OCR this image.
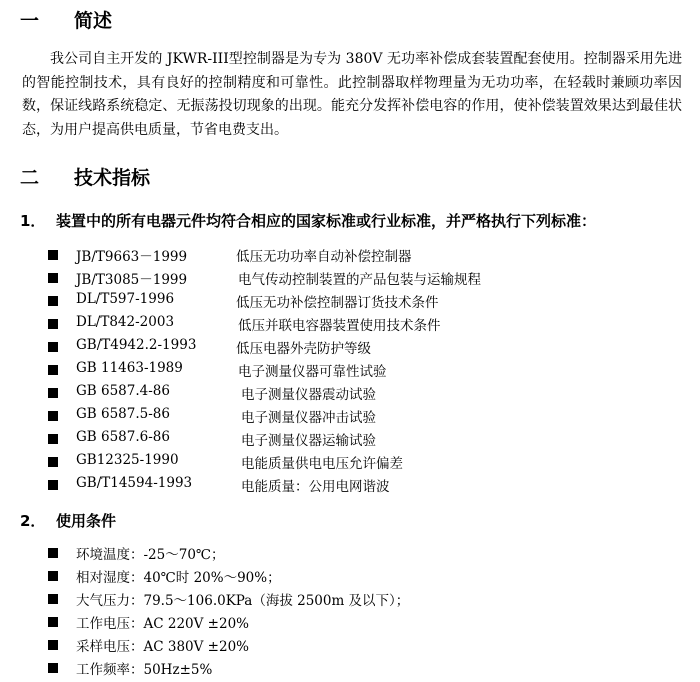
一 简述
我公司自主开发的 JKWR-III型控制器是为专为 380V 无功率补偿成套装置配套使用。控制器采用先进的智能控制技术，具有良好的控制精度和可靠性。此控制器取样物理量为无功功率，在轻载时兼顾功率因数，保证线路系统稳定、无振荡投切现象的出现。能充分发挥补偿电容的作用，使补偿装置效果达到最佳状态，为用户提高供电质量，节省电费支出。
二 技术指标
1． 装置中的所有电器元件均符合相应的国家标准或行业标准，并严格执行下列标准：
JB/T9663－1999	低压无功功率自动补偿控制器
JB/T3085－1999	电气传动控制装置的产品包装与运输规程
DL/T597-1996	低压无功补偿控制器订货技术条件
DL/T842-2003	低压并联电容器装置使用技术条件
GB/T4942.2-1993	低压电器外壳防护等级
GB 11463-1989	电子测量仪器可靠性试验
GB 6587.4-86	电子测量仪器震动试验
GB 6587.5-86	电子测量仪器冲击试验
GB 6587.6-86	电子测量仪器运输试验
GB12325-1990	电能质量供电电压允许偏差
GB/T14594-1993	电能质量：公用电网谐波
2． 使用条件
环境温度：-25～70℃；
相对湿度：40℃时 20%～90%；
大气压力：79.5～106.0KPa（海拔 2500m 及以下）；
工作电压：AC 220V ±20%
采样电压：AC 380V ±20%
工作频率：50Hz±5%
